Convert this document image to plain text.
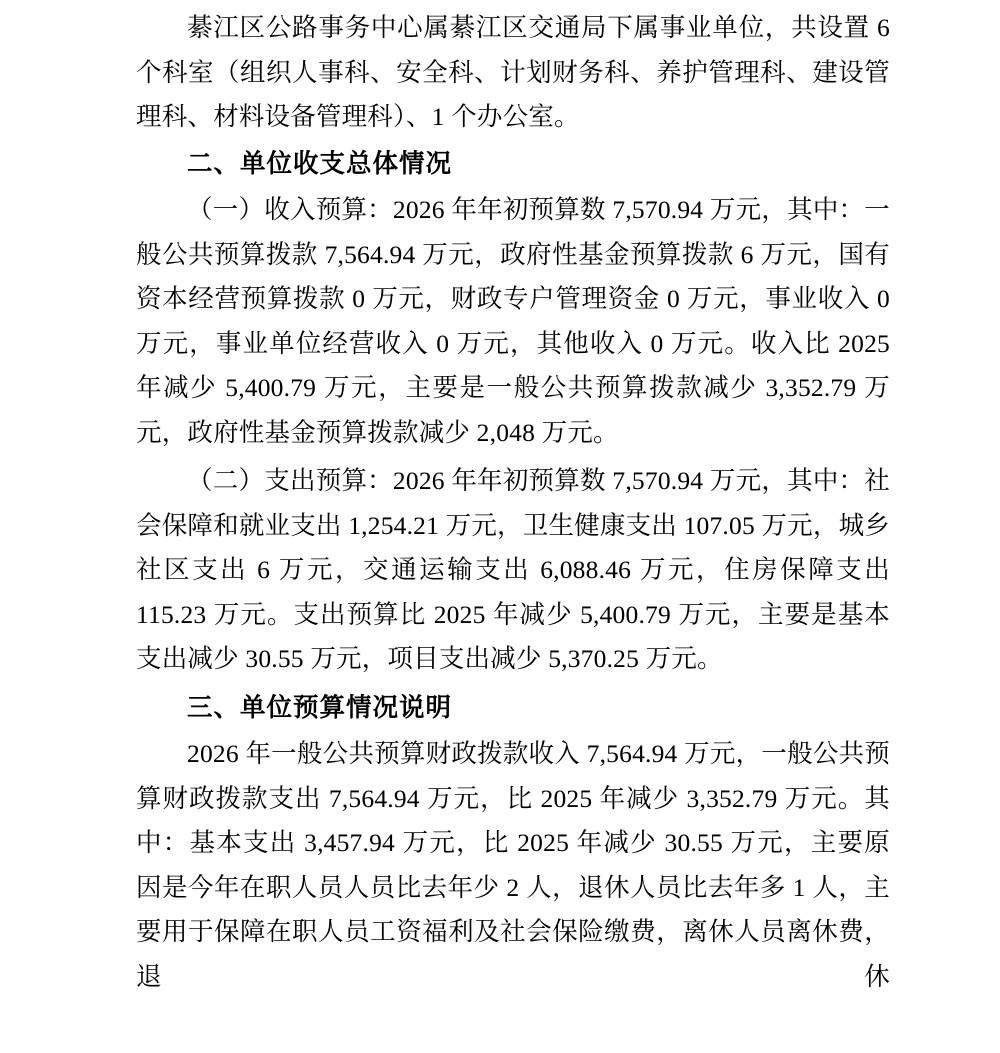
綦江区公路事务中心属綦江区交通局下属事业单位，共设置 6 个科室（组织人事科、安全科、计划财务科、养护管理科、建设管理科、材料设备管理科）、1 个办公室。

二、单位收支总体情况

（一）收入预算：2026 年年初预算数 7,570.94 万元，其中：一般公共预算拨款 7,564.94 万元，政府性基金预算拨款 6 万元，国有资本经营预算拨款 0 万元，财政专户管理资金 0 万元，事业收入 0 万元，事业单位经营收入 0 万元，其他收入 0 万元。收入比 2025 年减少 5,400.79 万元，主要是一般公共预算拨款减少 3,352.79 万元，政府性基金预算拨款减少 2,048 万元。

（二）支出预算：2026 年年初预算数 7,570.94 万元，其中：社会保障和就业支出 1,254.21 万元，卫生健康支出 107.05 万元，城乡社区支出 6 万元，交通运输支出 6,088.46 万元，住房保障支出 115.23 万元。支出预算比 2025 年减少 5,400.79 万元，主要是基本支出减少 30.55 万元，项目支出减少 5,370.25 万元。

三、单位预算情况说明

2026 年一般公共预算财政拨款收入 7,564.94 万元，一般公共预算财政拨款支出 7,564.94 万元，比 2025 年减少 3,352.79 万元。其中：基本支出 3,457.94 万元，比 2025 年减少 30.55 万元，主要原因是今年在职人员人员比去年少 2 人，退休人员比去年多 1 人，主要用于保障在职人员工资福利及社会保险缴费，离休人员离休费，退休
